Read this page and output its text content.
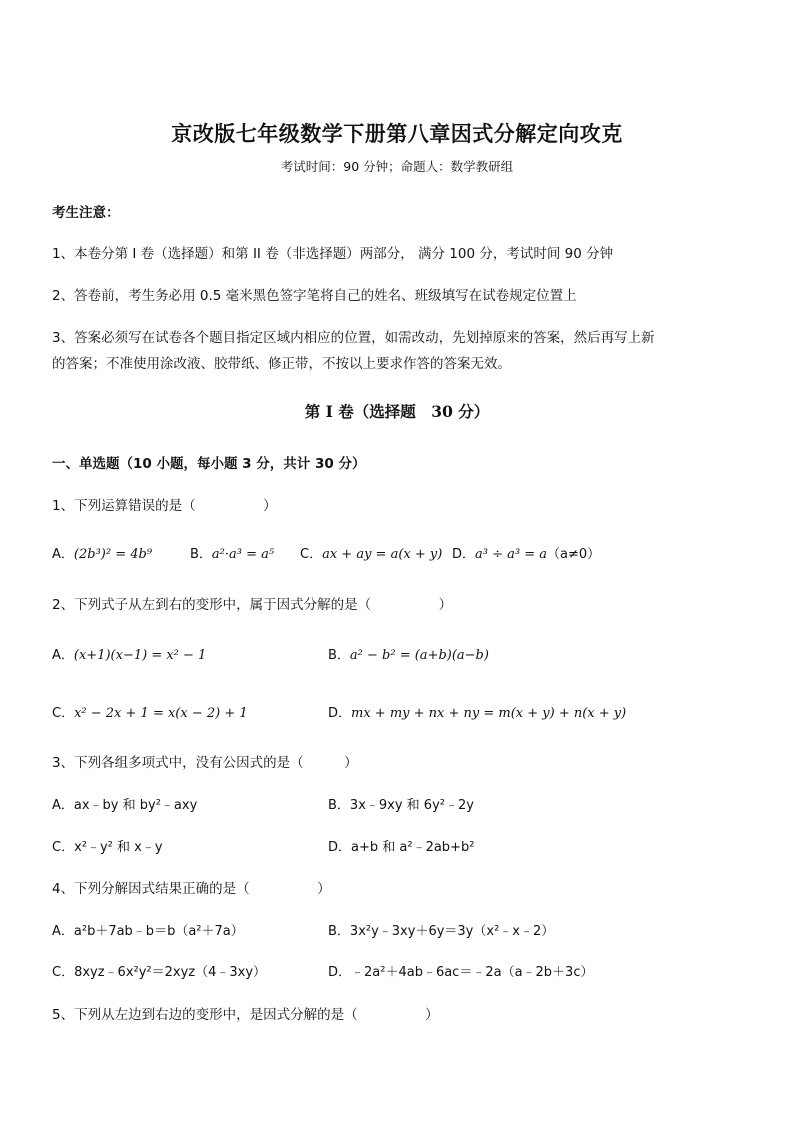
京改版七年级数学下册第八章因式分解定向攻克
考试时间：90 分钟；命题人：数学教研组
考生注意：
1、本卷分第 I 卷（选择题）和第 II 卷（非选择题）两部分， 满分 100 分，考试时间 90 分钟
2、答卷前，考生务必用 0.5 毫米黑色签字笔将自己的姓名、班级填写在试卷规定位置上
3、答案必须写在试卷各个题目指定区域内相应的位置，如需改动，先划掉原来的答案，然后再写上新
的答案；不准使用涂改液、胶带纸、修正带，不按以上要求作答的答案无效。
第 I 卷（选择题　30 分）
一、单选题（10 小题，每小题 3 分，共计 30 分）
1、下列运算错误的是（　　　　　）
A．(2b³)² = 4b⁹	B．a²·a³ = a⁵ C．ax + ay = a(x + y) D．a³ ÷ a³ = a（a≠0）
2、下列式子从左到右的变形中，属于因式分解的是（　　　　　）
A．(x+1)(x−1) = x² − 1	B．a² − b² = (a+b)(a−b)
C．x² − 2x + 1 = x(x − 2) + 1	D．mx + my + nx + ny = m(x + y) + n(x + y)
3、下列各组多项式中，没有公因式的是（　　　）
A．ax﹣by 和 by²﹣axy	B．3x﹣9xy 和 6y²﹣2y
C．x²﹣y² 和 x﹣y	D．a+b 和 a²﹣2ab+b²
4、下列分解因式结果正确的是（　　　　　）
A．a²b＋7ab﹣b＝b（a²＋7a）	B．3x²y﹣3xy＋6y＝3y（x²﹣x﹣2）
C．8xyz﹣6x²y²＝2xyz（4﹣3xy）	D．﹣2a²＋4ab﹣6ac＝﹣2a（a﹣2b＋3c）
5、下列从左边到右边的变形中，是因式分解的是（　　　　　）
